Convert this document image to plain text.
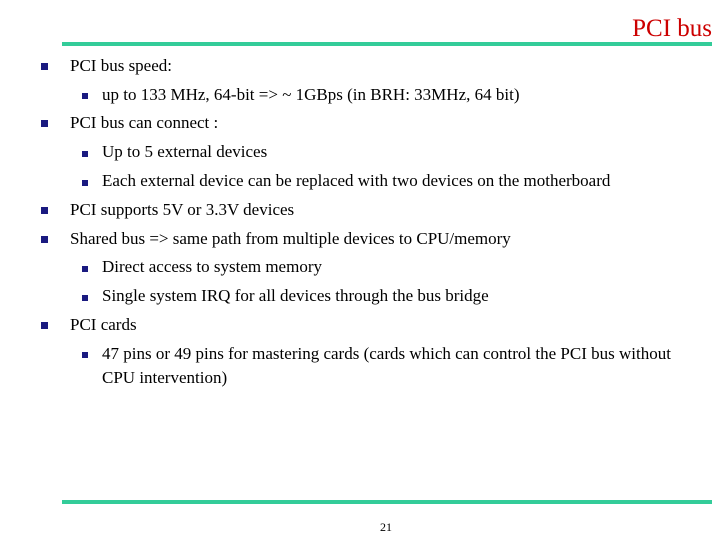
PCI bus
PCI bus speed:
up to 133 MHz, 64-bit => ~ 1GBps (in BRH: 33MHz, 64 bit)
PCI bus can connect :
Up to 5 external devices
Each external device can be replaced with two devices on the motherboard
PCI supports 5V or 3.3V devices
Shared bus => same path from multiple devices to CPU/memory
Direct access to system memory
Single system IRQ for all devices through the bus bridge
PCI cards
47 pins or 49 pins for mastering cards (cards which can control the PCI bus without CPU intervention)
21
